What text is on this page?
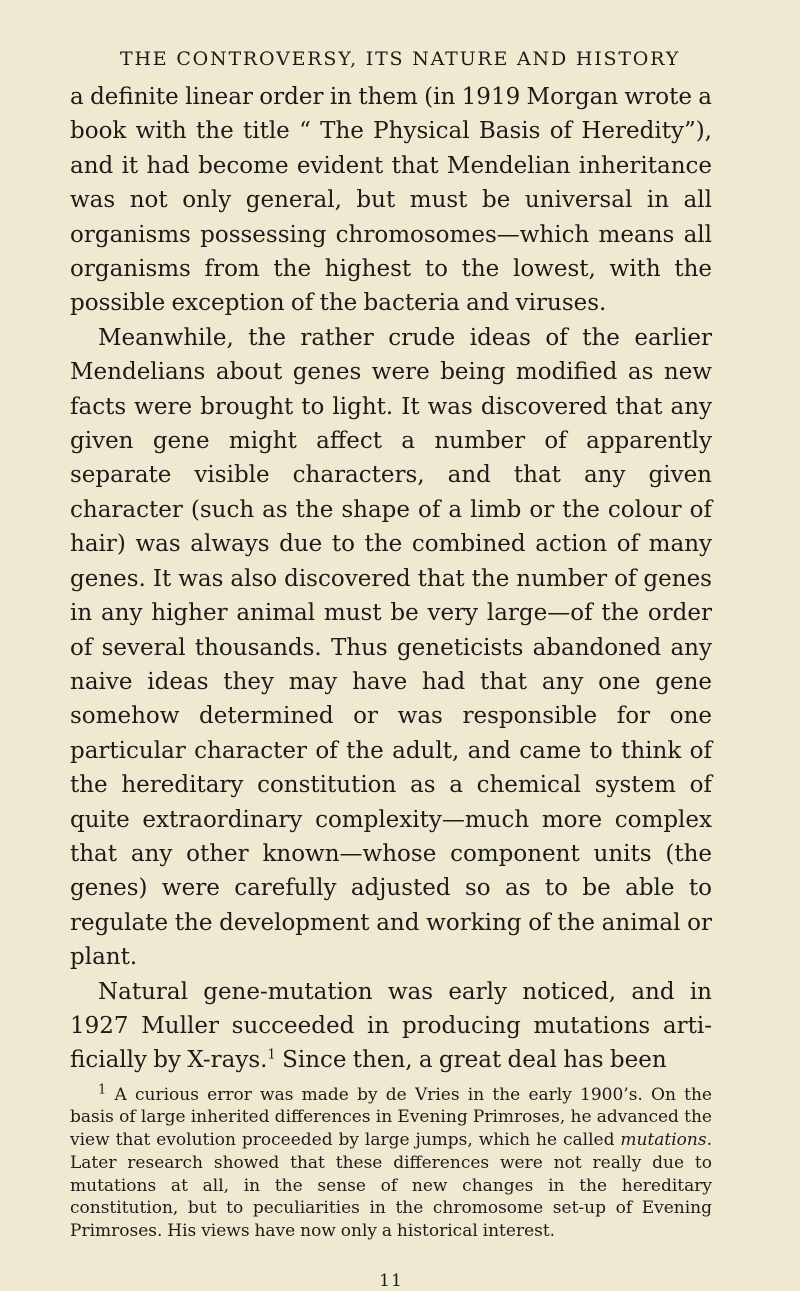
THE CONTROVERSY, ITS NATURE AND HISTORY

a definite linear order in them (in 1919 Morgan wrote a book with the title “ The Physical Basis of Heredity”), and it had become evident that Mendelian inheritance was not only general, but must be universal in all organisms possessing chromosomes—which means all organisms from the highest to the lowest, with the possible exception of the bacteria and viruses.

Meanwhile, the rather crude ideas of the earlier Mendelians about genes were being modified as new facts were brought to light. It was discovered that any given gene might affect a number of apparently separate visible characters, and that any given character (such as the shape of a limb or the colour of hair) was always due to the combined action of many genes. It was also discovered that the number of genes in any higher animal must be very large—of the order of several thousands. Thus geneticists abandoned any naive ideas they may have had that any one gene somehow determined or was responsible for one particular character of the adult, and came to think of the hereditary constitution as a chemical system of quite extraordinary complexity—much more complex that any other known—whose component units (the genes) were carefully adjusted so as to be able to regulate the development and working of the animal or plant.

Natural gene-mutation was early noticed, and in 1927 Muller succeeded in producing mutations arti-ficially by X-rays.$^1$ Since then, a great deal has been

$^1$ A curious error was made by de Vries in the early 1900’s. On the basis of large inherited differences in Evening Primroses, he advanced the view that evolution proceeded by large jumps, which he called mutations. Later research showed that these differences were not really due to mutations at all, in the sense of new changes in the hereditary constitution, but to peculiarities in the chromosome set-up of Evening Primroses. His views have now only a historical interest.
11
